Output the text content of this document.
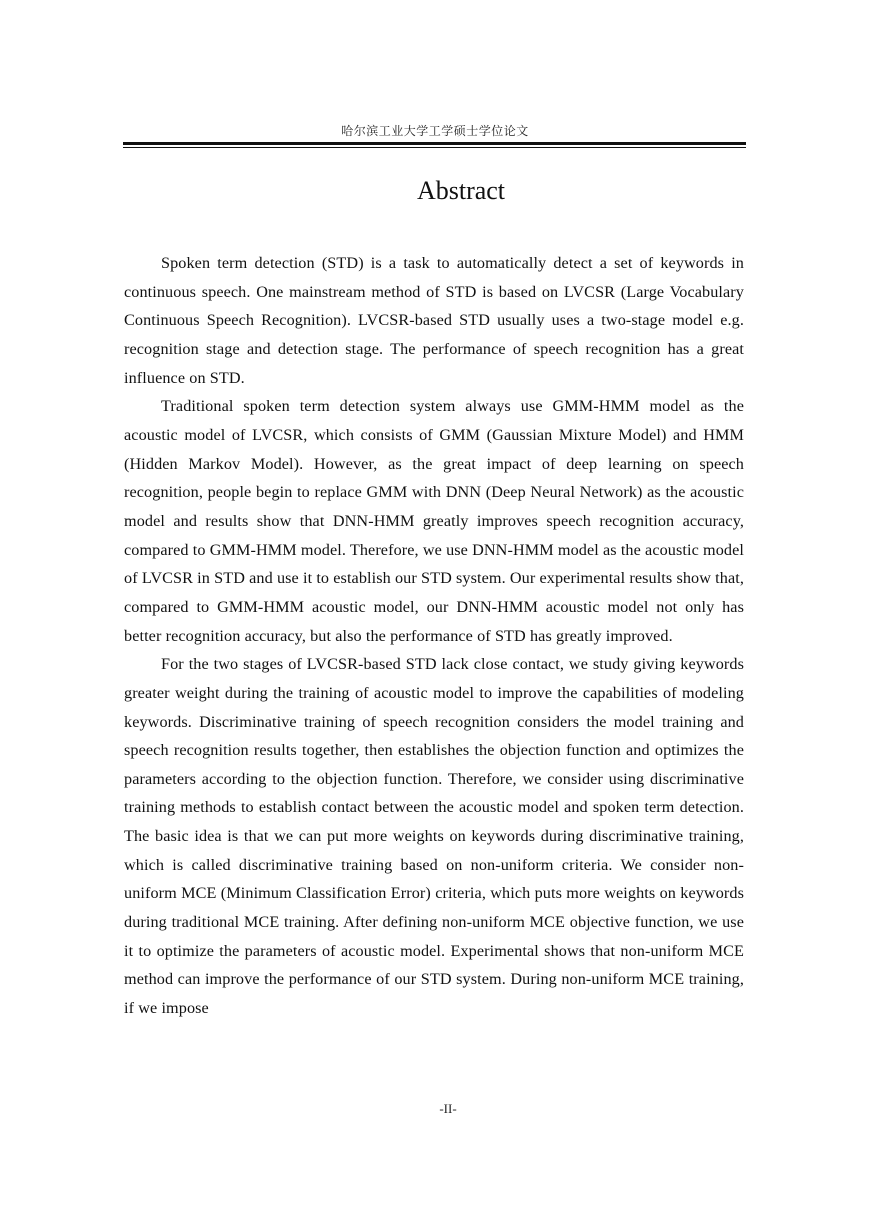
哈尔滨工业大学工学硕士学位论文
Abstract

Spoken term detection (STD) is a task to automatically detect a set of keywords in continuous speech. One mainstream method of STD is based on LVCSR (Large Vocabulary Continuous Speech Recognition). LVCSR-based STD usually uses a two-stage model e.g. recognition stage and detection stage. The performance of speech recognition has a great influence on STD.

Traditional spoken term detection system always use GMM-HMM model as the acoustic model of LVCSR, which consists of GMM (Gaussian Mixture Model) and HMM (Hidden Markov Model). However, as the great impact of deep learning on speech recognition, people begin to replace GMM with DNN (Deep Neural Network) as the acoustic model and results show that DNN-HMM greatly improves speech recognition accuracy, compared to GMM-HMM model. Therefore, we use DNN-HMM model as the acoustic model of LVCSR in STD and use it to establish our STD system. Our experimental results show that, compared to GMM-HMM acoustic model, our DNN-HMM acoustic model not only has better recognition accuracy, but also the performance of STD has greatly improved.

For the two stages of LVCSR-based STD lack close contact, we study giving keywords greater weight during the training of acoustic model to improve the capabilities of modeling keywords. Discriminative training of speech recognition considers the model training and speech recognition results together, then establishes the objection function and optimizes the parameters according to the objection function. Therefore, we consider using discriminative training methods to establish contact between the acoustic model and spoken term detection. The basic idea is that we can put more weights on keywords during discriminative training, which is called discriminative training based on non-uniform criteria. We consider non-uniform MCE (Minimum Classification Error) criteria, which puts more weights on keywords during traditional MCE training. After defining non-uniform MCE objective function, we use it to optimize the parameters of acoustic model. Experimental shows that non-uniform MCE method can improve the performance of our STD system. During non-uniform MCE training, if we impose

-II-
